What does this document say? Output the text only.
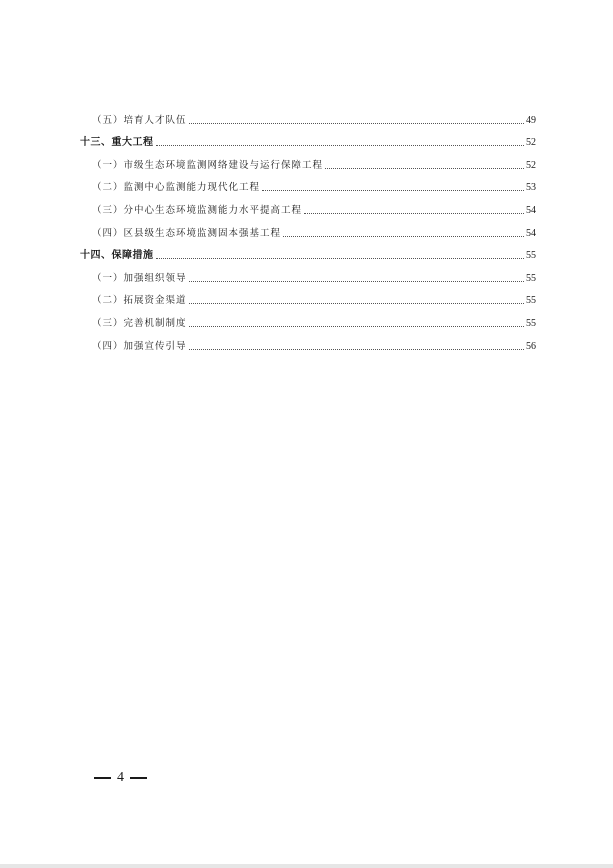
（五）培育人才队伍	49
十三、重大工程	52
（一）市级生态环境监测网络建设与运行保障工程	52
（二）监测中心监测能力现代化工程	53
（三）分中心生态环境监测能力水平提高工程	54
（四）区县级生态环境监测固本强基工程	54
十四、保障措施	55
（一）加强组织领导	55
（二）拓展资金渠道	55
（三）完善机制制度	55
（四）加强宣传引导	56
4
